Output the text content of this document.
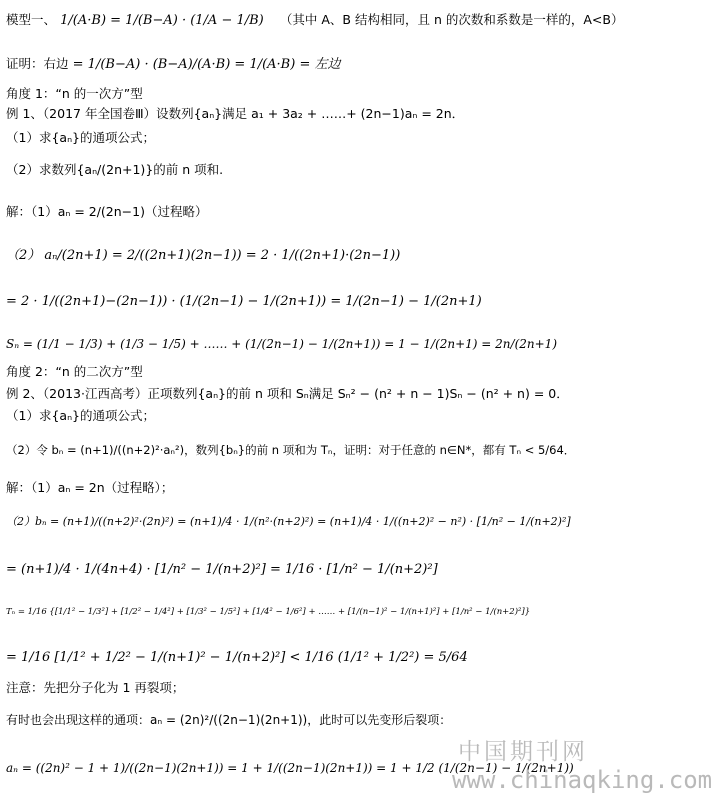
模型一、 1/(A·B) = 1/(B−A) · (1/A − 1/B) （其中 A、B 结构相同，且 n 的次数和系数是一样的，A<B）
证明：右边 = 1/(B−A) · (B−A)/(A·B) = 1/(A·B) = 左边
角度 1：“n 的一次方”型
例 1、（2017 年全国卷Ⅲ）设数列{aₙ}满足 a₁ + 3a₂ + ……+ (2n−1)aₙ = 2n．
（1）求{aₙ}的通项公式；
（2）求数列{aₙ/(2n+1)}的前 n 项和.
解：（1）aₙ = 2/(2n−1)（过程略）
（2） aₙ/(2n+1) = 2/((2n+1)(2n−1)) = 2 · 1/((2n+1)·(2n−1))
= 2 · 1/((2n+1)−(2n−1)) · (1/(2n−1) − 1/(2n+1)) = 1/(2n−1) − 1/(2n+1)
Sₙ = (1/1 − 1/3) + (1/3 − 1/5) + …… + (1/(2n−1) − 1/(2n+1)) = 1 − 1/(2n+1) = 2n/(2n+1)
角度 2：“n 的二次方”型
例 2、（2013·江西高考）正项数列{aₙ}的前 n 项和 Sₙ满足 Sₙ² − (n² + n − 1)Sₙ − (n² + n) = 0．
（1）求{aₙ}的通项公式；
（2）令 bₙ = (n+1)/((n+2)²·aₙ²)，数列{bₙ}的前 n 项和为 Tₙ，证明：对于任意的 n∈N*，都有 Tₙ < 5/64．
解：（1）aₙ = 2n（过程略）；
（2）bₙ = (n+1)/((n+2)²·(2n)²) = (n+1)/4 · 1/(n²·(n+2)²) = (n+1)/4 · 1/((n+2)² − n²) · [1/n² − 1/(n+2)²]
= (n+1)/4 · 1/(4n+4) · [1/n² − 1/(n+2)²] = 1/16 · [1/n² − 1/(n+2)²]
Tₙ = 1/16 {[1/1² − 1/3²] + [1/2² − 1/4²] + [1/3² − 1/5²] + [1/4² − 1/6²] + …… + [1/(n−1)² − 1/(n+1)²] + [1/n² − 1/(n+2)²]}
= 1/16 [1/1² + 1/2² − 1/(n+1)² − 1/(n+2)²] < 1/16 (1/1² + 1/2²) = 5/64
注意：先把分子化为 1 再裂项；
有时也会出现这样的通项：aₙ = (2n)²/((2n−1)(2n+1))，此时可以先变形后裂项：
aₙ = ((2n)² − 1 + 1)/((2n−1)(2n+1)) = 1 + 1/((2n−1)(2n+1)) = 1 + 1/2 (1/(2n−1) − 1/(2n+1))
中国期刊网
www.chinaqking.com
